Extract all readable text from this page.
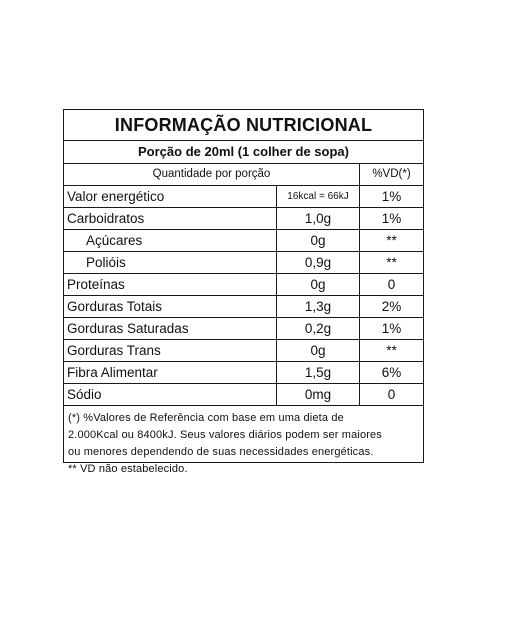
INFORMAÇÃO NUTRICIONAL
Porção de 20ml (1 colher de sopa)
Quantidade por porção	%VD(*)
Valor energético	16kcal = 66kJ	1%
Carboidratos	1,0g	1%
Açúcares	0g	**
Polióis	0,9g	**
Proteínas	0g	0
Gorduras Totais	1,3g	2%
Gorduras Saturadas	0,2g	1%
Gorduras Trans	0g	**
Fibra Alimentar	1,5g	6%
Sódio	0mg	0
(*) %Valores de Referência com base em uma dieta de
2.000Kcal ou 8400kJ. Seus valores diários podem ser maiores
ou menores dependendo de suas necessidades energéticas.
** VD não estabelecido.
